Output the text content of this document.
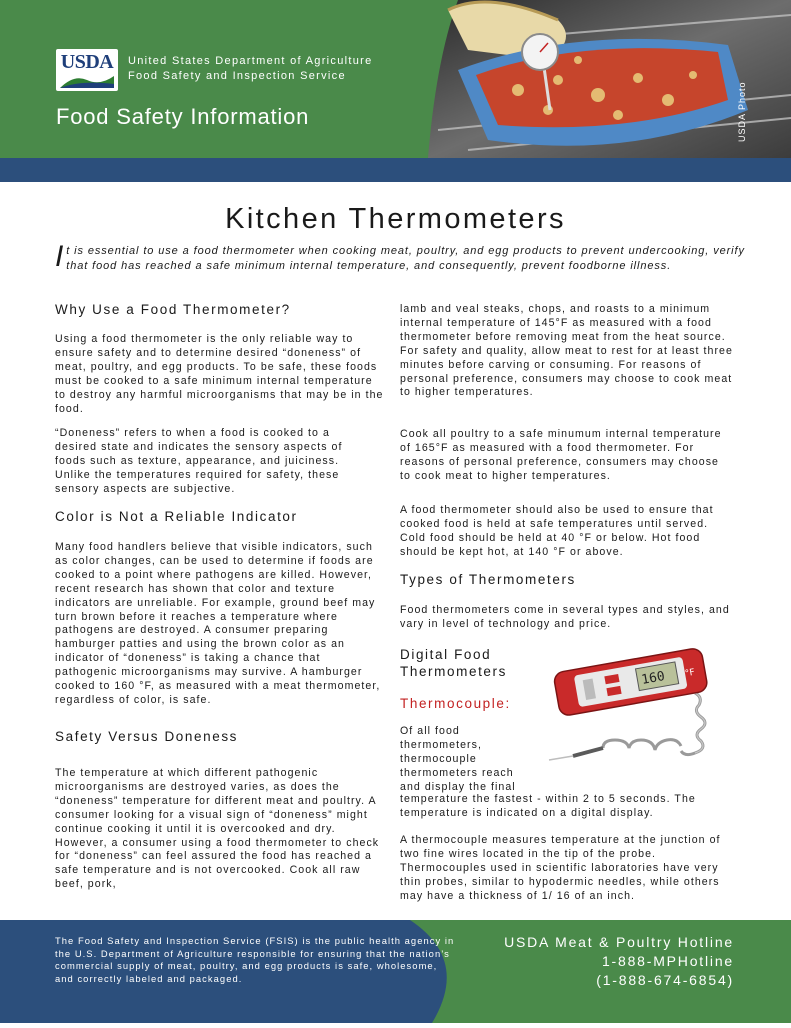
USDA	United States Department of Agriculture
Food Safety and Inspection Service
Food Safety Information	USDA Photo
Kitchen Thermometers
It is essential to use a food thermometer when cooking meat, poultry, and egg products to prevent undercooking, verify that food has reached a safe minimum internal temperature, and consequently, prevent foodborne illness.
Why Use a Food Thermometer?

Using a food thermometer is the only reliable way to ensure safety and to determine desired “doneness” of meat, poultry, and egg products. To be safe, these foods must be cooked to a safe minimum internal temperature to destroy any harmful microorganisms that may be in the food.

“Doneness” refers to when a food is cooked to a desired state and indicates the sensory aspects of foods such as texture, appearance, and juiciness. Unlike the temperatures required for safety, these sensory aspects are subjective.

Color is Not a Reliable Indicator

Many food handlers believe that visible indicators, such as color changes, can be used to determine if foods are cooked to a point where pathogens are killed. However, recent research has shown that color and texture indicators are unreliable. For example, ground beef may turn brown before it reaches a temperature where pathogens are destroyed. A consumer preparing hamburger patties and using the brown color as an indicator of “doneness” is taking a chance that pathogenic microorganisms may survive. A hamburger cooked to 160 °F, as measured with a meat thermometer, regardless of color, is safe.

Safety Versus Doneness

The temperature at which different pathogenic microorganisms are destroyed varies, as does the “doneness” temperature for different meat and poultry. A consumer looking for a visual sign of “doneness” might continue cooking it until it is overcooked and dry. However, a consumer using a food thermometer to check for “doneness” can feel assured the food has reached a safe temperature and is not overcooked. Cook all raw beef, pork,

lamb and veal steaks, chops, and roasts to a minimum internal temperature of 145°F as measured with a food thermometer before removing meat from the heat source. For safety and quality, allow meat to rest for at least three minutes before carving or consuming. For reasons of personal preference, consumers may choose to cook meat to higher temperatures.

Cook all poultry to a safe minumum internal temperature of 165°F as measured with a food thermometer. For reasons of personal preference, consumers may choose to cook meat to higher temperatures.

A food thermometer should also be used to ensure that cooked food is held at safe temperatures until served. Cold food should be held at 40 °F or below. Hot food should be kept hot, at 140 °F or above.

Types of Thermometers

Food thermometers come in several types and styles, and vary in level of technology and price.

Digital Food Thermometers
Thermocouple:

Of all food thermometers, thermocouple thermometers reach and display the final

temperature the fastest - within 2 to 5 seconds. The temperature is indicated on a digital display.

A thermocouple measures temperature at the junction of two fine wires located in the tip of the probe. Thermocouples used in scientific laboratories have very thin probes, similar to hypodermic needles, while others may have a thickness of 1/ 16 of an inch.

160 °F
The Food Safety and Inspection Service (FSIS) is the public health agency in the U.S. Department of Agriculture responsible for ensuring that the nation’s commercial supply of meat, poultry, and egg products is safe, wholesome, and correctly labeled and packaged.
USDA Meat & Poultry Hotline
1-888-MPHotline
(1-888-674-6854)
